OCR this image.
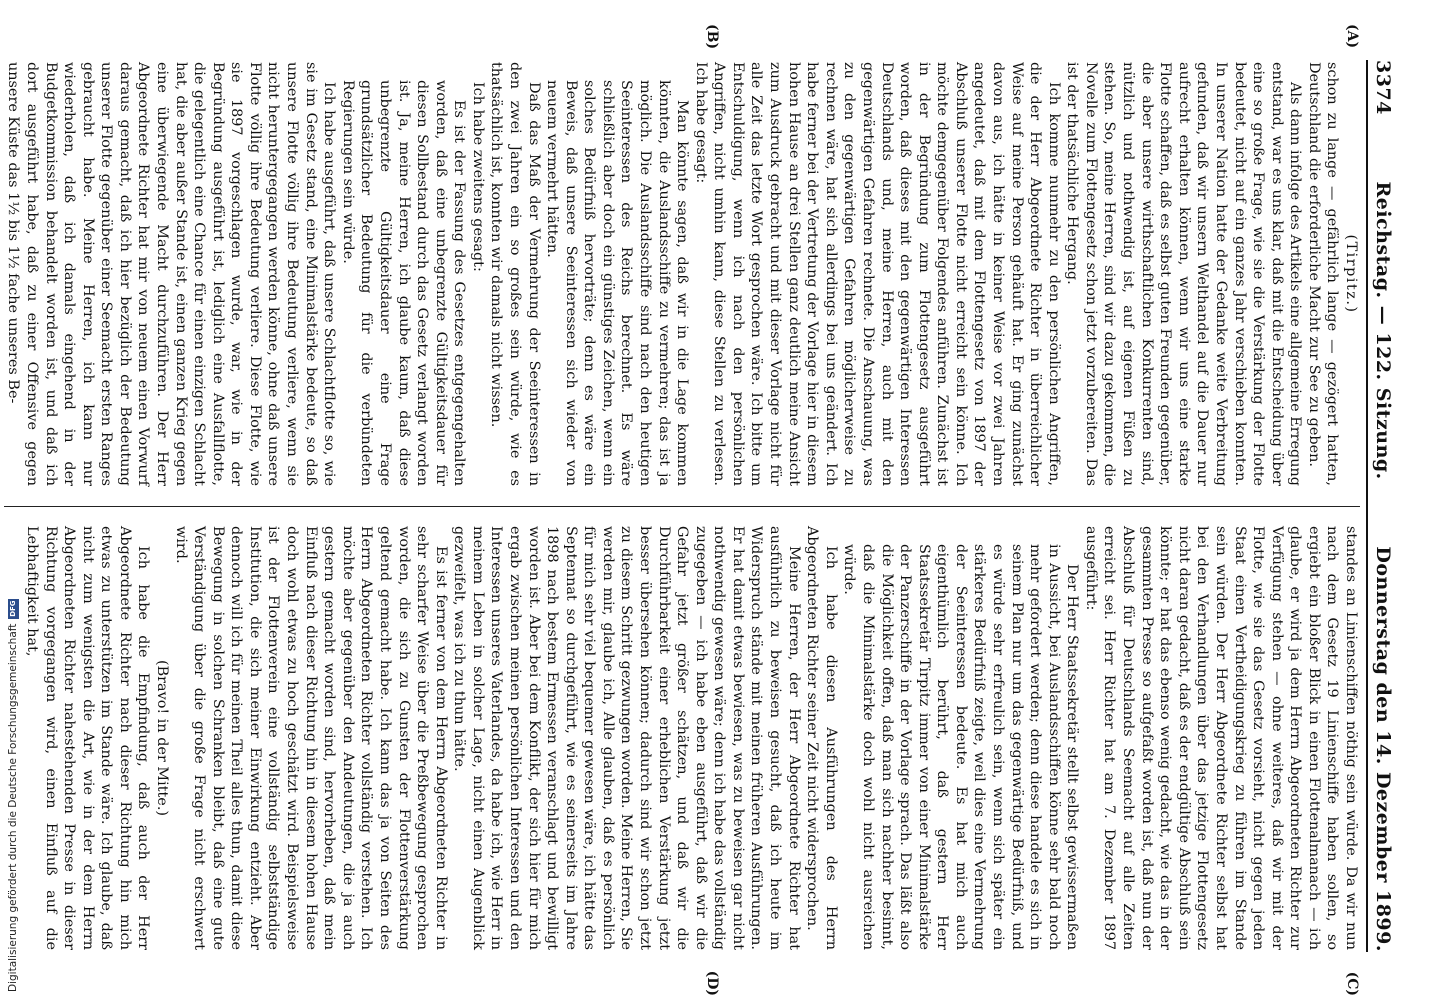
3374
Reichstag. — 122. Sitzung.
Donnerstag den 14. Dezember 1899.
(A)
(B)
(C)
(D)

(Tirpitz.)

schon zu lange — gefährlich lange — gezögert hatten, Deutschland die erforderliche Macht zur See zu geben.

Als dann infolge des Artikels eine allgemeine Erregung entstand, war es uns klar, daß mit die Entscheidung über eine so große Frage, wie sie die Verstärkung der Flotte bedeutet, nicht auf ein ganzes Jahr verschieben konnten. In unserer Nation hatte der Gedanke weite Verbreitung gefunden, daß wir unsern Welthandel auf die Dauer nur aufrecht erhalten können, wenn wir uns eine starke Flotte schaffen, daß es selbst guten Freunden gegenüber, die aber unsere wirthschaftlichen Konkurrenten sind, nützlich und nothwendig ist, auf eigenen Füßen zu stehen. So, meine Herren, sind wir dazu gekommen, die Novelle zum Flottengesetz schon jetzt vorzubereiten. Das ist der thatsächliche Hergang.

Ich komme nunmehr zu den persönlichen Angriffen, die der Herr Abgeordnete Richter in überreichlicher Weise auf meine Person gehäuft hat. Er ging zunächst davon aus, ich hätte in keiner Weise vor zwei Jahren angedeutet, daß mit dem Flottengesetz von 1897 der Abschluß unserer Flotte nicht erreicht sein könne. Ich möchte demgegenüber Folgendes anführen. Zunächst ist in der Begründung zum Flottengesetz ausgeführt worden, daß dieses mit den gegenwärtigen Interessen Deutschlands und, meine Herren, auch mit den gegenwärtigen Gefahren rechnete. Die Anschauung, was zu den gegenwärtigen Gefahren möglicherweise zu rechnen wäre, hat sich allerdings bei uns geändert. Ich habe ferner bei der Vertretung der Vorlage hier in diesem hohen Hause an drei Stellen ganz deutlich meine Ansicht zum Ausdruck gebracht und mit dieser Vorlage nicht für alle Zeit das letzte Wort gesprochen wäre. Ich bitte um Entschuldigung, wenn ich nach den persönlichen Angriffen, nicht umhin kann, diese Stellen zu verlesen. Ich habe gesagt:

Man könnte sagen, daß wir in die Lage kommen könnten, die Auslandsschiffe zu vermehren; das ist ja möglich. Die Auslandsschiffe sind nach den heutigen Seeinteressen des Reichs berechnet. Es wäre schließlich aber doch ein günstiges Zeichen, wenn ein solches Bedürfniß hervorträte; denn es wäre ein Beweis, daß unsere Seeinteressen sich wieder von neuem vermehrt hätten.

Daß das Maß der Vermehrung der Seeinteressen in den zwei Jahren ein so großes sein würde, wie es thatsächlich ist, konnten wir damals nicht wissen.

Ich habe zweitens gesagt:

Es ist der Fassung des Gesetzes entgegengehalten worden, daß eine unbegrenzte Gültigkeitsdauer für diesen Sollbestand durch das Gesetz verlangt worden ist. Ja, meine Herren, ich glaube kaum, daß diese unbegrenzte Gültigkeitsdauer eine Frage grundsätzlicher Bedeutung für die verbündeten Regierungen sein würde.

Ich habe ausgeführt, daß unsere Schlachtflotte so, wie sie im Gesetz stand, eine Minimalstärke bedeute, so daß unsere Flotte völlig ihre Bedeutung verliere, wenn sie nicht heruntergegangen werden könne, ohne daß unsere Flotte völlig ihre Bedeutung verliere. Diese Flotte, wie sie 1897 vorgeschlagen wurde, war, wie in der Begründung ausgeführt ist, lediglich eine Ausfallflotte, die gelegentlich eine Chance für einen einzigen Schlacht hat, die aber außer Stande ist, einen ganzen Krieg gegen eine überwiegende Macht durchzuführen. Der Herr Abgeordnete Richter hat mir von neuem einen Vorwurf daraus gemacht, daß ich hier bezüglich der Bedeutung unserer Flotte gegenüber einer Seemacht ersten Ranges gebraucht habe. Meine Herren, ich kann nur wiederholen, daß ich damals eingehend in der Budgetkommission behandelt worden ist, und daß ich dort ausgeführt habe, daß zu einer Offensive gegen unsere Küste das 1½ bis 1½ fache unseres Be-

standes an Linienschiffen nöthig sein würde. Da wir nun nach dem Gesetz 19 Linienschiffe haben sollen, so ergiebt ein bloßer Blick in einen Flottenalmanach — ich glaube, er wird ja dem Herrn Abgeordneten Richter zur Verfügung stehen — ohne weiteres, daß wir mit der Flotte, wie sie das Gesetz vorsieht, nicht gegen jeden Staat einen Vertheidigungskrieg zu führen im Stande sein würden. Der Herr Abgeordnete Richter selbst hat bei den Verhandlungen über das jetzige Flottengesetz nicht daran gedacht, daß es der endgültige Abschluß sein könnte; er hat das ebenso wenig gedacht, wie das in der gesammten Presse so aufgefaßt worden ist, daß nun der Abschluß für Deutschlands Seemacht auf alle Zeiten erreicht sei. Herr Richter hat am 7. Dezember 1897 ausgeführt:

Der Herr Staatssekretär stellt selbst gewissermaßen in Aussicht, bei Auslandsschiffen könne sehr bald noch mehr gefordert werden; denn diese handele es sich in seinem Plan nur um das gegenwärtige Bedürfniß, und es würde sehr erfreulich sein, wenn sich später ein stärkeres Bedürfniß zeigte, weil dies eine Vermehrung der Seeinteressen bedeute. Es hat mich auch eigenthümlich berührt, daß gestern Herr Staatssekretär Tirpitz immer von einer Minimalstärke der Panzerschiffe in der Vorlage sprach. Das läßt also die Möglichkeit offen, daß man sich nachher besinnt, daß die Minimalstärke doch wohl nicht ausreichen würde.

Ich habe diesen Ausführungen des Herrn Abgeordneten Richter seiner Zeit nicht widersprochen.

Meine Herren, der Herr Abgeordnete Richter hat ausführlich zu beweisen gesucht, daß ich heute im Widerspruch stände mit meinen früheren Ausführungen. Er hat damit etwas bewiesen, was zu beweisen gar nicht nothwendig gewesen wäre; denn ich habe das vollständig zugegeben — ich habe eben ausgeführt, daß wir die Gefahr jetzt größer schätzen, und daß wir die Durchführbarkeit einer erheblichen Verstärkung jetzt besser übersehen können; dadurch sind wir schon jetzt zu diesem Schritt gezwungen worden. Meine Herren, Sie werden mir, glaube ich, Alle glauben, daß es persönlich für mich sehr viel bequemer gewesen wäre, ich hätte das Septennat so durchgeführt, wie es seinerseits im Jahre 1898 nach bestem Ermessen veranschlagt und bewilligt worden ist. Aber bei dem Konflikt, der sich hier für mich ergab zwischen meinen persönlichen Interessen und den Interessen unseres Vaterlandes, da habe ich, wie Herr in meinem Leben in solcher Lage, nicht einen Augenblick gezweifelt, was ich zu thun hätte.

Es ist ferner von dem Herrn Abgeordneten Richter in sehr scharfer Weise über die Preßbewegung gesprochen worden, die sich zu Gunsten der Flottenverstärkung geltend gemacht habe. Ich kann das ja von Seiten des Herrn Abgeordneten Richter vollständig verstehen. Ich möchte aber gegenüber den Andeutungen, die ja auch gestern gemacht worden sind, hervorheben, daß mein Einfluß nach dieser Richtung hin in diesem hohen Hause doch wohl etwas zu hoch geschätzt wird. Beispielsweise ist der Flottenverein eine vollständig selbstständige Institution, die sich meiner Einwirkung entzieht. Aber dennoch will ich für meinen Theil alles thun, damit diese Bewegung in solchen Schranken bleibt, daß eine gute Verständigung über die große Frage nicht erschwert wird.

(Bravo! in der Mitte.)

Ich habe die Empfindung, daß auch der Herr Abgeordnete Richter nach dieser Richtung hin mich etwas zu unterstützen im Stande wäre. Ich glaube, daß nicht zum wenigsten die Art, wie in der dem Herrn Abgeordneten Richter nahestehenden Presse in dieser Richtung vorgegangen wird, einen Einfluß auf die Lebhaftigkeit hat,

Digitalisierung gefördert durch die Deutsche Forschungsgemeinschaft
DFG
